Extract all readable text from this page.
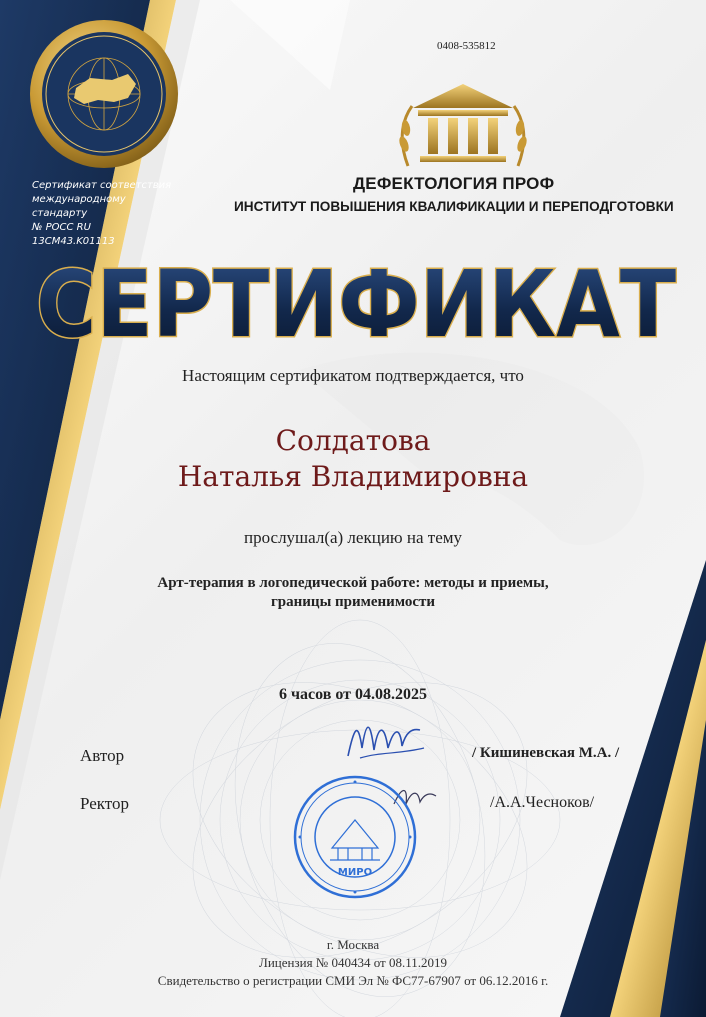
Сертификат соответствия
международному стандарту
№ РОСС RU 13CM43.K01113
0408-535812
ДЕФЕКТОЛОГИЯ ПРОФ
ИНСТИТУТ ПОВЫШЕНИЯ КВАЛИФИКАЦИИ И ПЕРЕПОДГОТОВКИ
СЕРТИФИКАТ
Настоящим сертификатом подтверждается, что
Солдатова
Наталья Владимировна
прослушал(а) лекцию на тему
Арт-терапия в логопедической работе: методы и приемы,
границы применимости
6 часов от 04.08.2025
Автор	/ Кишиневская М.А. /
Ректор	/А.А.Чесноков/
МИРО
г. Москва
Лицензия № 040434 от 08.11.2019
Свидетельство о регистрации СМИ Эл № ФС77-67907 от 06.12.2016 г.
